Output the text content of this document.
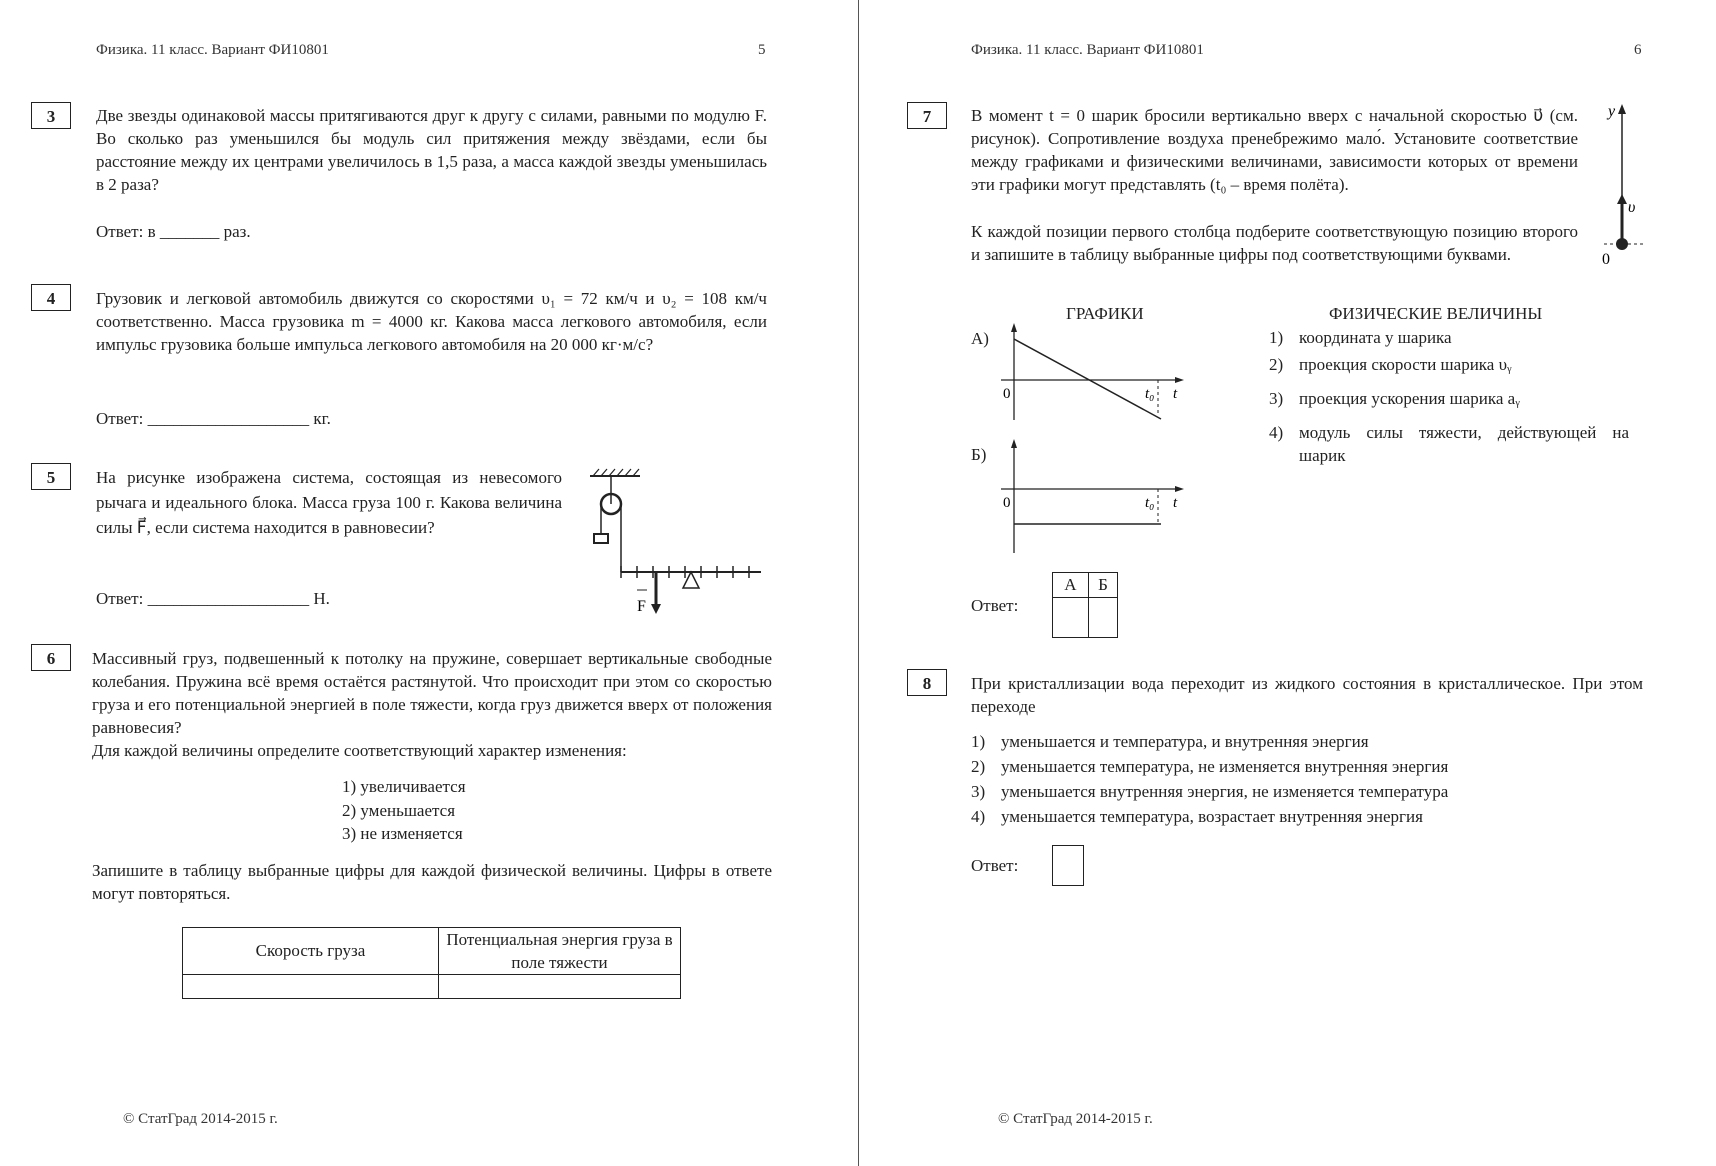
Физика. 11 класс. Вариант ФИ10801	5
3	Две звезды одинаковой массы притягиваются друг к другу с силами, равными по модулю F. Во сколько раз уменьшился бы модуль сил притяжения между звёздами, если бы расстояние между их центрами увеличилось в 1,5 раза, а масса каждой звезды уменьшилась в 2 раза?
Ответ: в _______ раз.
4	Грузовик и легковой автомобиль движутся со скоростями υ₁ = 72 км/ч и υ₂ = 108 км/ч соответственно. Масса грузовика m = 4000 кг. Какова масса легкового автомобиля, если импульс грузовика больше импульса легкового автомобиля на 20 000 кг·м/с?
Ответ: ___________________ кг.
5	На рисунке изображена система, состоящая из невесомого рычага и идеального блока. Масса груза 100 г. Какова величина силы F⃗, если система находится в равновесии?
Ответ: ___________________ Н.	F
6	Массивный груз, подвешенный к потолку на пружине, совершает вертикальные свободные колебания. Пружина всё время остаётся растянутой. Что происходит при этом со скоростью груза и его потенциальной энергией в поле тяжести, когда груз движется вверх от положения равновесия?
Для каждой величины определите соответствующий характер изменения:
1) увеличивается
2) уменьшается
3) не изменяется
Запишите в таблицу выбранные цифры для каждой физической величины. Цифры в ответе могут повторяться.
Скорость груза	Потенциальная энергия груза в поле тяжести

© СтатГрад 2014-2015 г.
Физика. 11 класс. Вариант ФИ10801	6
7	В момент t = 0 шарик бросили вертикально вверх с начальной скоростью υ⃗ (см. рисунок). Сопротивление воздуха пренебрежимо мало́. Установите соответствие между графиками и физическими величинами, зависимости которых от времени эти графики могут представлять (t₀ – время полёта).
К каждой позиции первого столбца подберите соответствующую позицию второго и запишите в таблицу выбранные цифры под соответствующими буквами.
y
υ⃗
0
ГРАФИКИ	ФИЗИЧЕСКИЕ ВЕЛИЧИНЫ
А)
0	t₀ t
Б)
0	t₀ t
1) координата y шарика
2) проекция скорости шарика υᵧ
3) проекция ускорения шарика aᵧ
4) модуль силы тяжести, действующей на шарик
Ответ:
А	Б

8	При кристаллизации вода переходит из жидкого состояния в кристаллическое. При этом переходе
1) уменьшается и температура, и внутренняя энергия
2) уменьшается температура, не изменяется внутренняя энергия
3) уменьшается внутренняя энергия, не изменяется температура
4) уменьшается температура, возрастает внутренняя энергия
Ответ:
© СтатГрад 2014-2015 г.
